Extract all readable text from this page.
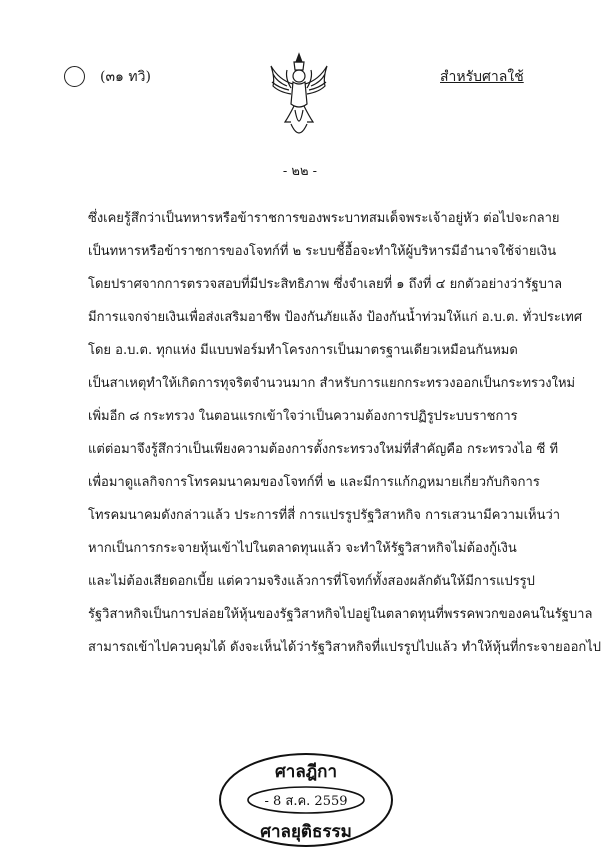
(๓๑ ทวิ)	สำหรับศาลใช้
- ๒๒ -
ซึ่งเคยรู้สึกว่าเป็นทหารหรือข้าราชการของพระบาทสมเด็จพระเจ้าอยู่หัว ต่อไปจะกลาย
เป็นทหารหรือข้าราชการของโจทก์ที่ ๒ ระบบชี้อื้อจะทำให้ผู้บริหารมีอำนาจใช้จ่ายเงิน
โดยปราศจากการตรวจสอบที่มีประสิทธิภาพ ซึ่งจำเลยที่ ๑ ถึงที่ ๔ ยกตัวอย่างว่ารัฐบาล
มีการแจกจ่ายเงินเพื่อส่งเสริมอาชีพ ป้องกันภัยแล้ง ป้องกันน้ำท่วมให้แก่ อ.บ.ต. ทั่วประเทศ
โดย อ.บ.ต. ทุกแห่ง มีแบบฟอร์มทำโครงการเป็นมาตรฐานเดียวเหมือนกันหมด
เป็นสาเหตุทำให้เกิดการทุจริตจำนวนมาก สำหรับการแยกกระทรวงออกเป็นกระทรวงใหม่
เพิ่มอีก ๘ กระทรวง ในตอนแรกเข้าใจว่าเป็นความต้องการปฏิรูประบบราชการ
แต่ต่อมาจึงรู้สึกว่าเป็นเพียงความต้องการตั้งกระทรวงใหม่ที่สำคัญคือ กระทรวงไอ ซี ที
เพื่อมาดูแลกิจการโทรคมนาคมของโจทก์ที่ ๒ และมีการแก้กฎหมายเกี่ยวกับกิจการ
โทรคมนาคมดังกล่าวแล้ว ประการที่สี่ การแปรรูปรัฐวิสาหกิจ การเสวนามีความเห็นว่า
หากเป็นการกระจายหุ้นเข้าไปในตลาดทุนแล้ว จะทำให้รัฐวิสาหกิจไม่ต้องกู้เงิน
และไม่ต้องเสียดอกเบี้ย แต่ความจริงแล้วการที่โจทก์ทั้งสองผลักดันให้มีการแปรรูป
รัฐวิสาหกิจเป็นการปล่อยให้หุ้นของรัฐวิสาหกิจไปอยู่ในตลาดทุนที่พรรคพวกของคนในรัฐบาล
สามารถเข้าไปควบคุมได้ ดังจะเห็นได้ว่ารัฐวิสาหกิจที่แปรรูปไปแล้ว ทำให้หุ้นที่กระจายออกไป
ศาลฎีกา
- 8 ส.ค. 2559
ศาลยุติธรรม
